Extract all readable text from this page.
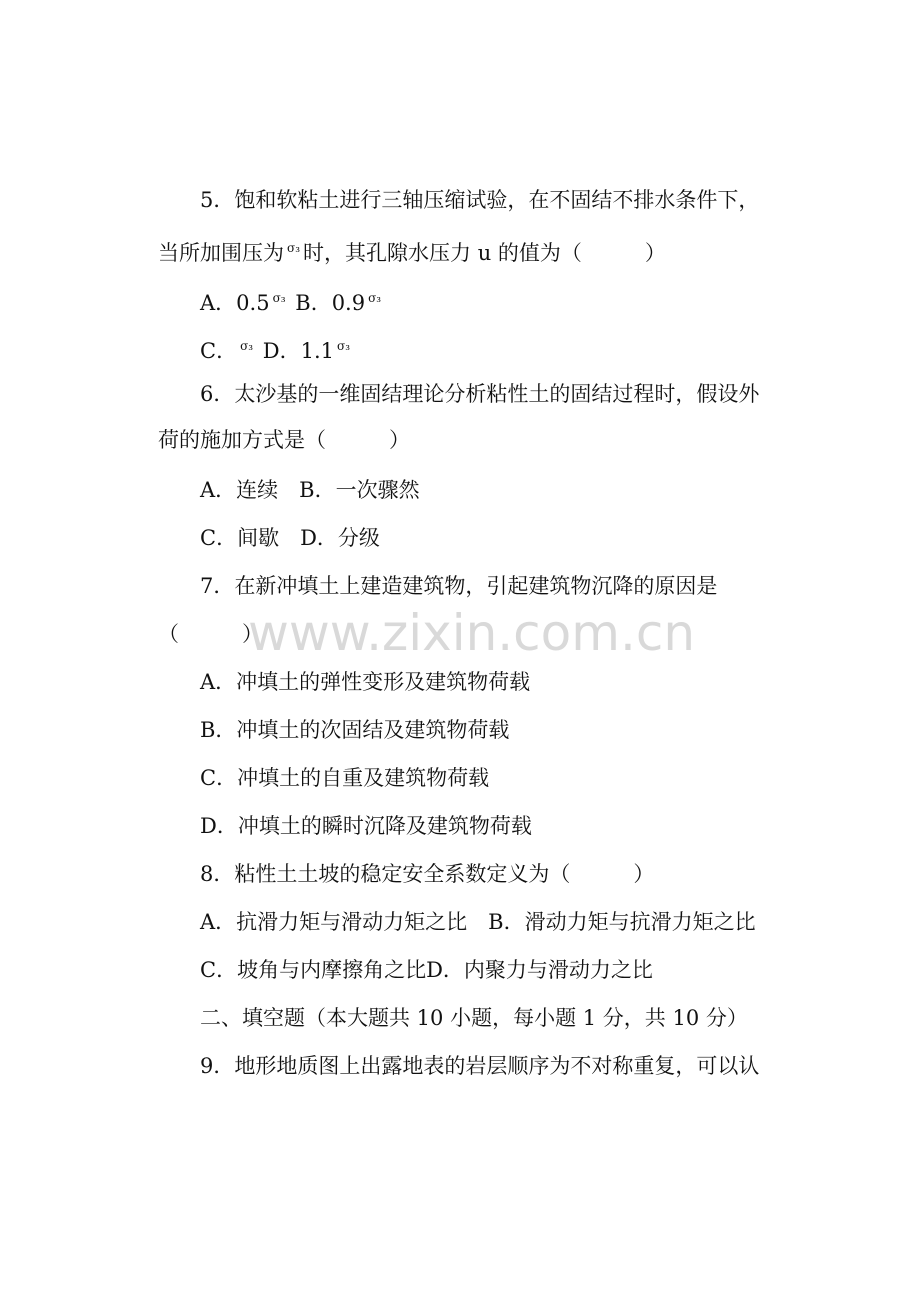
www.zixin.com.cn
5．饱和软粘土进行三轴压缩试验，在不固结不排水条件下，
当所加围压为 $^{\sigma_3}$ 时，其孔隙水压力 u 的值为（　　　）
A．0.5 $^{\sigma_3}$ B．0.9 $^{\sigma_3}$
C． $^{\sigma_3}$ D．1.1 $^{\sigma_3}$
6．太沙基的一维固结理论分析粘性土的固结过程时，假设外
荷的施加方式是（　　　）
A．连续　B．一次骤然
C．间歇　D．分级
7．在新冲填土上建造建筑物，引起建筑物沉降的原因是
（　　　）
A．冲填土的弹性变形及建筑物荷载
B．冲填土的次固结及建筑物荷载
C．冲填土的自重及建筑物荷载
D．冲填土的瞬时沉降及建筑物荷载
8．粘性土土坡的稳定安全系数定义为（　　　）
A．抗滑力矩与滑动力矩之比　B．滑动力矩与抗滑力矩之比
C．坡角与内摩擦角之比D．内聚力与滑动力之比
二、填空题（本大题共 10 小题，每小题 1 分，共 10 分）
9．地形地质图上出露地表的岩层顺序为不对称重复，可以认
